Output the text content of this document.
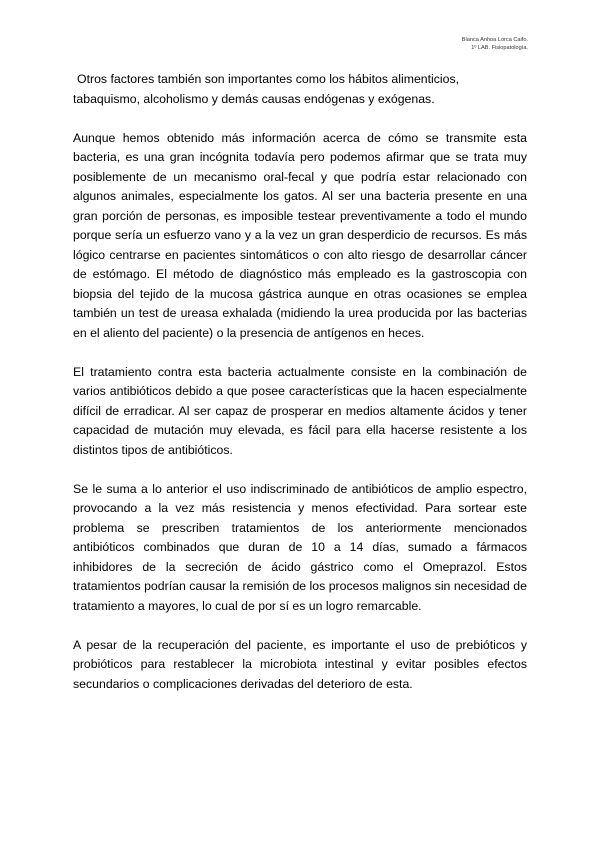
Blanca Anhoa Lorca Caifo.
1º LAB. Fisiopatología.

Otros factores también son importantes como los hábitos alimenticios, tabaquismo, alcoholismo y demás causas endógenas y exógenas.

Aunque hemos obtenido más información acerca de cómo se transmite esta bacteria, es una gran incógnita todavía pero podemos afirmar que se trata muy posiblemente de un mecanismo oral-fecal y que podría estar relacionado con algunos animales, especialmente los gatos. Al ser una bacteria presente en una gran porción de personas, es imposible testear preventivamente a todo el mundo porque sería un esfuerzo vano y a la vez un gran desperdicio de recursos. Es más lógico centrarse en pacientes sintomáticos o con alto riesgo de desarrollar cáncer de estómago. El método de diagnóstico más empleado es la gastroscopia con biopsia del tejido de la mucosa gástrica aunque en otras ocasiones se emplea también un test de ureasa exhalada (midiendo la urea producida por las bacterias en el aliento del paciente) o la presencia de antígenos en heces.

El tratamiento contra esta bacteria actualmente consiste en la combinación de varios antibióticos debido a que posee características que la hacen especialmente difícil de erradicar. Al ser capaz de prosperar en medios altamente ácidos y tener capacidad de mutación muy elevada, es fácil para ella hacerse resistente a los distintos tipos de antibióticos.

Se le suma a lo anterior el uso indiscriminado de antibióticos de amplio espectro, provocando a la vez más resistencia y menos efectividad. Para sortear este problema se prescriben tratamientos de los anteriormente mencionados antibióticos combinados que duran de 10 a 14 días, sumado a fármacos inhibidores de la secreción de ácido gástrico como el Omeprazol. Estos tratamientos podrían causar la remisión de los procesos malignos sin necesidad de tratamiento a mayores, lo cual de por sí es un logro remarcable.

A pesar de la recuperación del paciente, es importante el uso de prebióticos y probióticos para restablecer la microbiota intestinal y evitar posibles efectos secundarios o complicaciones derivadas del deterioro de esta.
